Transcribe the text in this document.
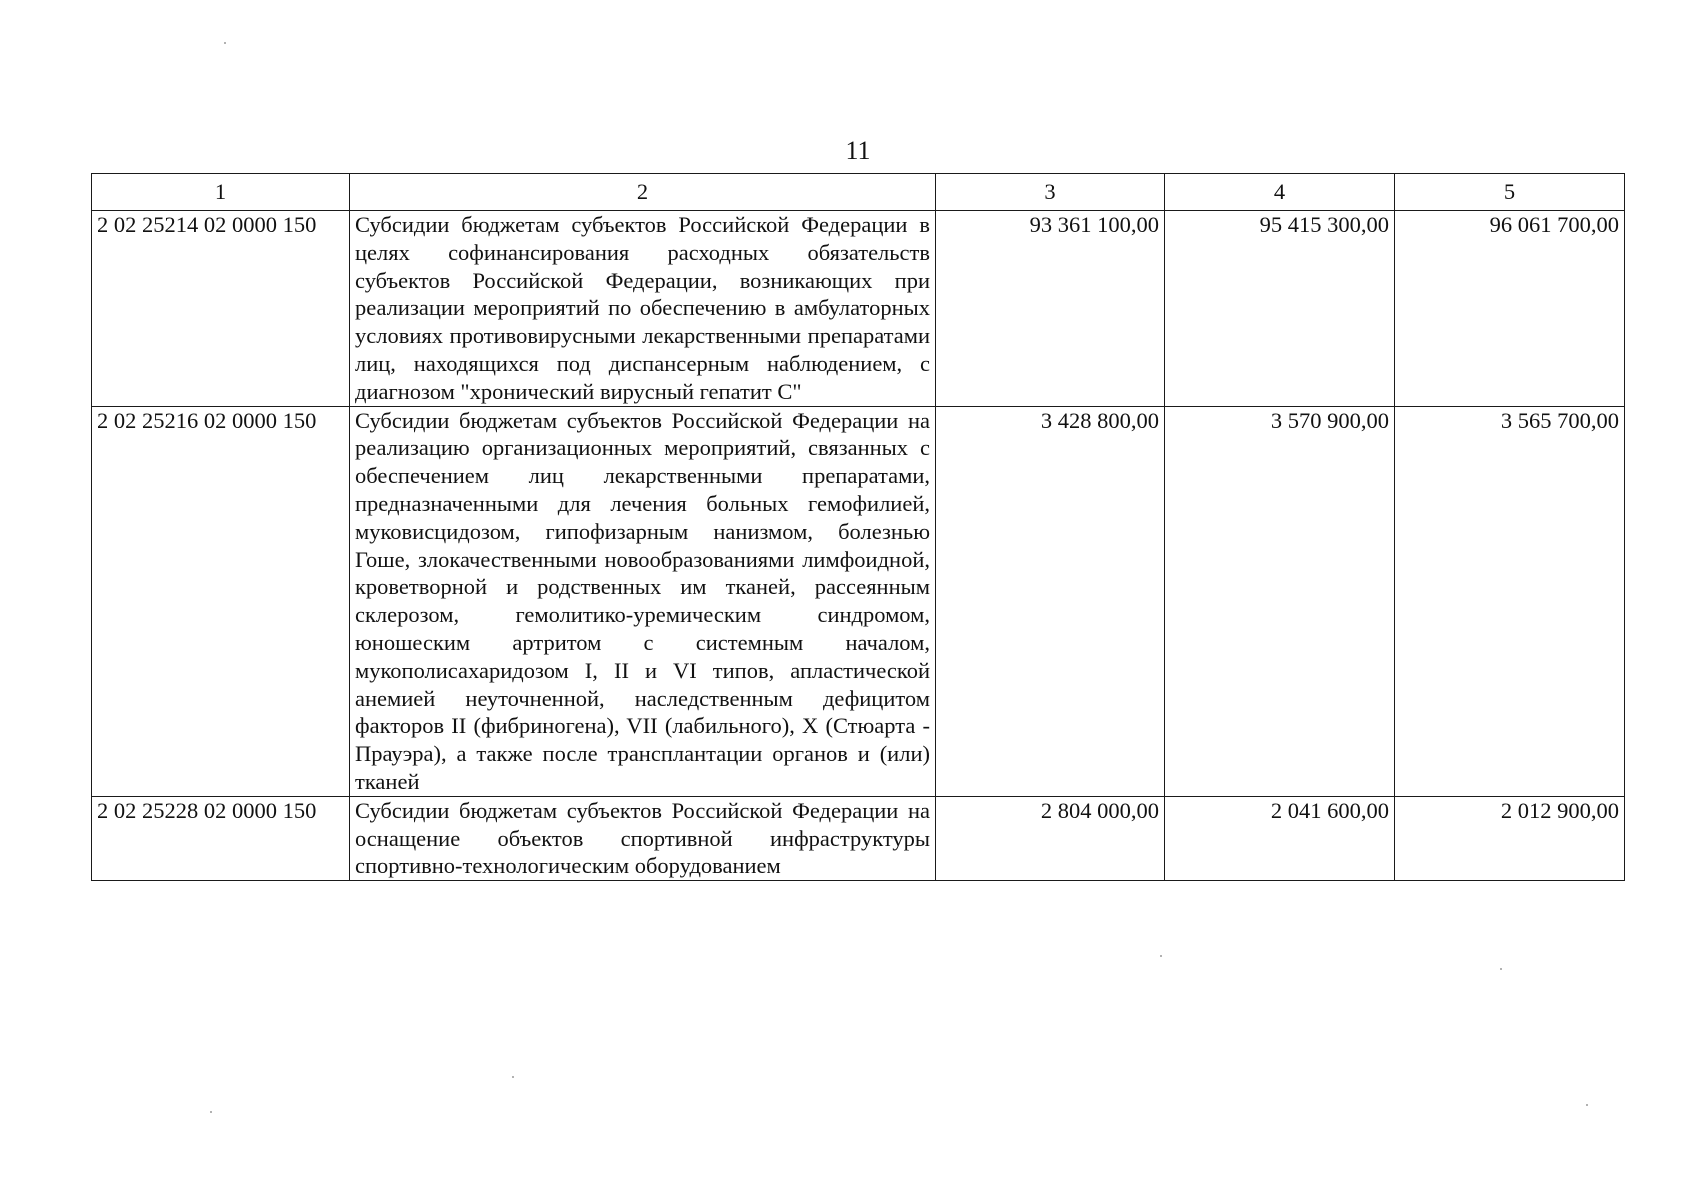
11
1	2	3	4	5
2 02 25214 02 0000 150	Субсидии бюджетам субъектов Российской Федерации в целях софинансирования расходных обязательств субъектов Российской Федерации, возникающих при реализации мероприятий по обеспечению в амбулаторных условиях противовирусными лекарственными препаратами лиц, находящихся под диспансерным наблюдением, с диагнозом "хронический вирусный гепатит С"	93 361 100,00	95 415 300,00	96 061 700,00
2 02 25216 02 0000 150	Субсидии бюджетам субъектов Российской Федерации на реализацию организационных мероприятий, связанных с обеспечением лиц лекарственными препаратами, предназначенными для лечения больных гемофилией, муковисцидозом, гипофизарным нанизмом, болезнью Гоше, злокачественными новообразованиями лимфоидной, кроветворной и родственных им тканей, рассеянным склерозом, гемолитико-уремическим синдромом, юношеским артритом с системным началом, мукополисахаридозом I, II и VI типов, апластической анемией неуточненной, наследственным дефицитом факторов II (фибриногена), VII (лабильного), X (Стюарта - Прауэра), а также после трансплантации органов и (или) тканей	3 428 800,00	3 570 900,00	3 565 700,00
2 02 25228 02 0000 150	Субсидии бюджетам субъектов Российской Федерации на оснащение объектов спортивной инфраструктуры спортивно-технологическим оборудованием	2 804 000,00	2 041 600,00	2 012 900,00
